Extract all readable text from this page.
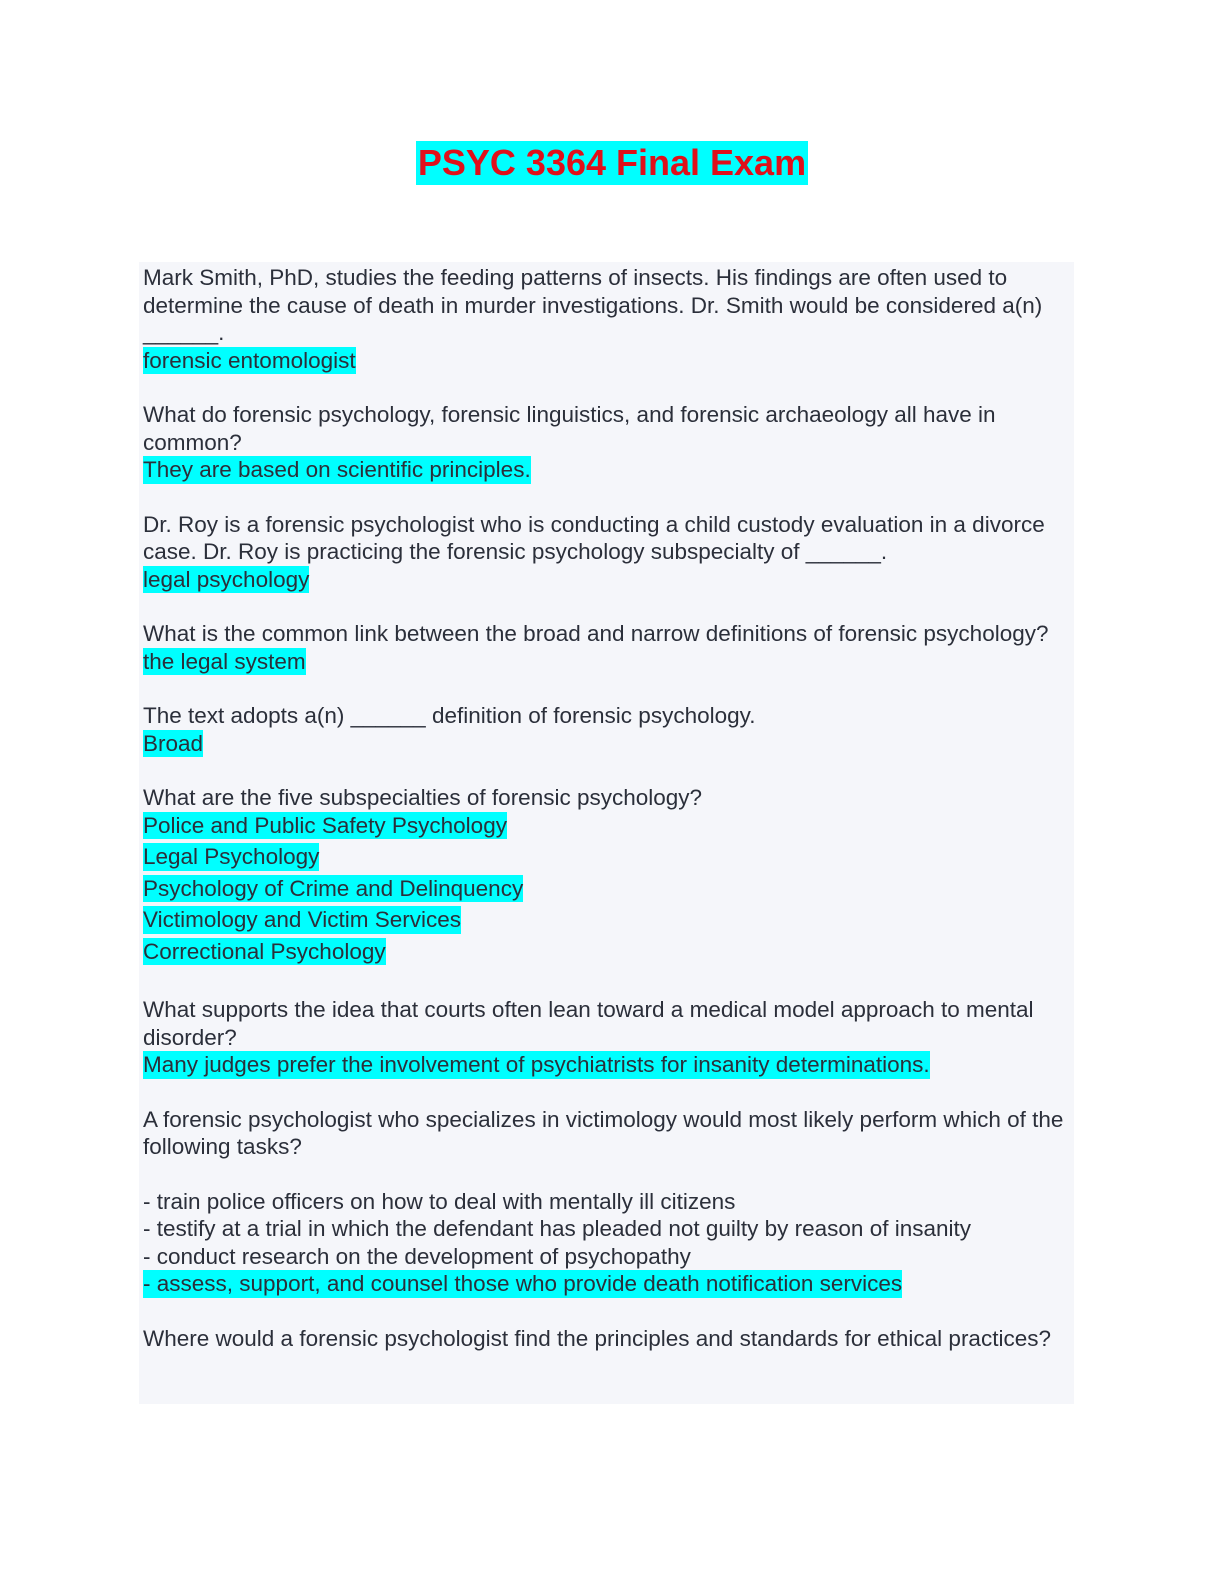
PSYC 3364 Final Exam

Mark Smith, PhD, studies the feeding patterns of insects. His findings are often used to determine the cause of death in murder investigations. Dr. Smith would be considered a(n) ______.

forensic entomologist

What do forensic psychology, forensic linguistics, and forensic archaeology all have in common?

They are based on scientific principles.

Dr. Roy is a forensic psychologist who is conducting a child custody evaluation in a divorce case. Dr. Roy is practicing the forensic psychology subspecialty of ______.

legal psychology

What is the common link between the broad and narrow definitions of forensic psychology?

the legal system

The text adopts a(n) ______ definition of forensic psychology.

Broad

What are the five subspecialties of forensic psychology?

Police and Public Safety Psychology
Legal Psychology
Psychology of Crime and Delinquency
Victimology and Victim Services
Correctional Psychology

What supports the idea that courts often lean toward a medical model approach to mental disorder?

Many judges prefer the involvement of psychiatrists for insanity determinations.

A forensic psychologist who specializes in victimology would most likely perform which of the following tasks?

- train police officers on how to deal with mentally ill citizens

- testify at a trial in which the defendant has pleaded not guilty by reason of insanity

- conduct research on the development of psychopathy

- assess, support, and counsel those who provide death notification services

Where would a forensic psychologist find the principles and standards for ethical practices?
